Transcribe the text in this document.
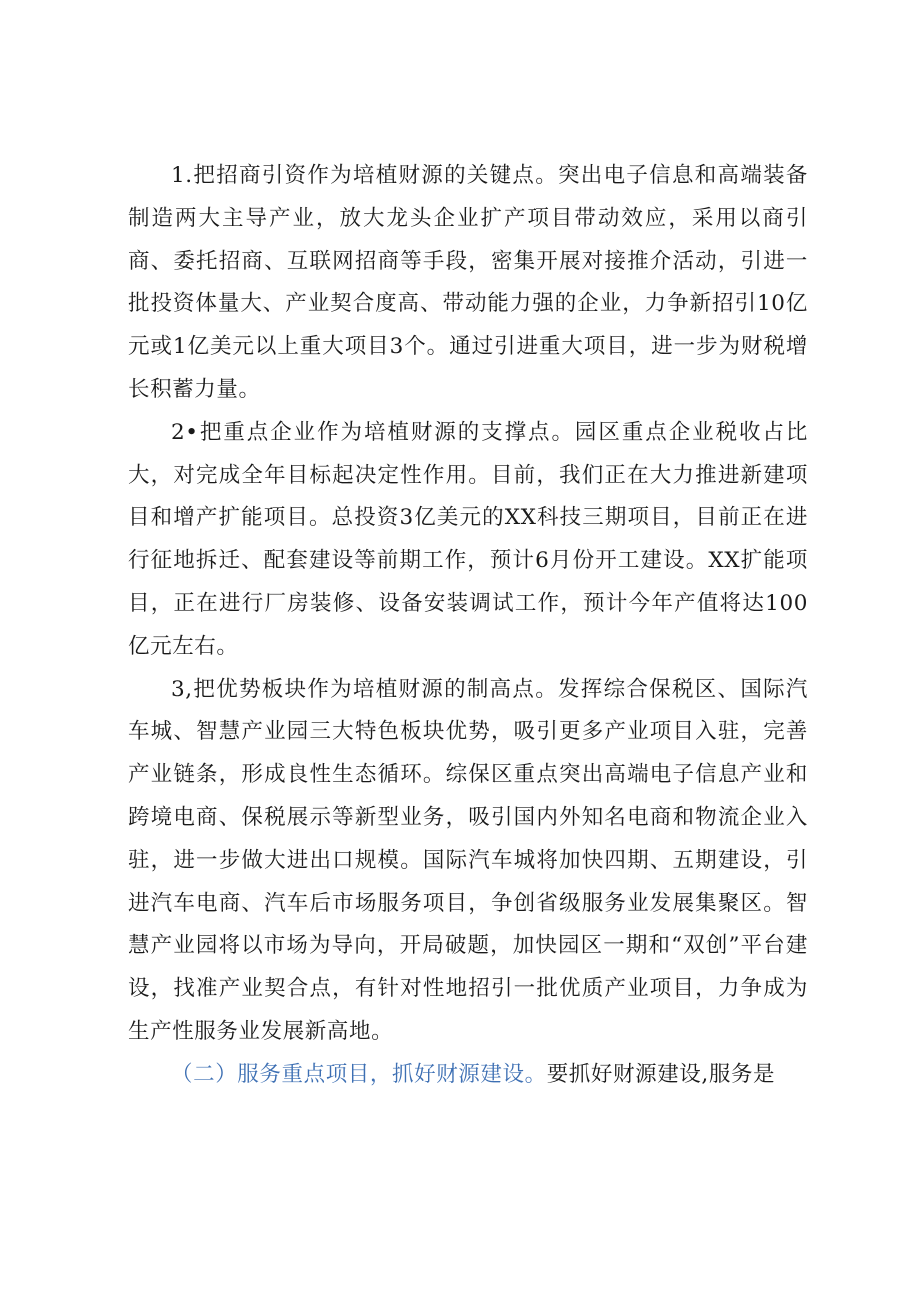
1.把招商引资作为培植财源的关键点。突出电子信息和高端装备制造两大主导产业，放大龙头企业扩产项目带动效应，采用以商引商、委托招商、互联网招商等手段，密集开展对接推介活动，引进一批投资体量大、产业契合度高、带动能力强的企业，力争新招引10亿元或1亿美元以上重大项目3个。通过引进重大项目，进一步为财税增长积蓄力量。

2•把重点企业作为培植财源的支撑点。园区重点企业税收占比大，对完成全年目标起决定性作用。目前，我们正在大力推进新建项目和增产扩能项目。总投资3亿美元的XX科技三期项目，目前正在进行征地拆迁、配套建设等前期工作，预计6月份开工建设。XX扩能项目，正在进行厂房装修、设备安装调试工作，预计今年产值将达100亿元左右。

3,把优势板块作为培植财源的制高点。发挥综合保税区、国际汽车城、智慧产业园三大特色板块优势，吸引更多产业项目入驻，完善产业链条，形成良性生态循环。综保区重点突出高端电子信息产业和跨境电商、保税展示等新型业务，吸引国内外知名电商和物流企业入驻，进一步做大进出口规模。国际汽车城将加快四期、五期建设，引进汽车电商、汽车后市场服务项目，争创省级服务业发展集聚区。智慧产业园将以市场为导向，开局破题，加快园区一期和“双创”平台建设，找准产业契合点，有针对性地招引一批优质产业项目，力争成为生产性服务业发展新高地。

（二）服务重点项目，抓好财源建设。要抓好财源建设,服务是
